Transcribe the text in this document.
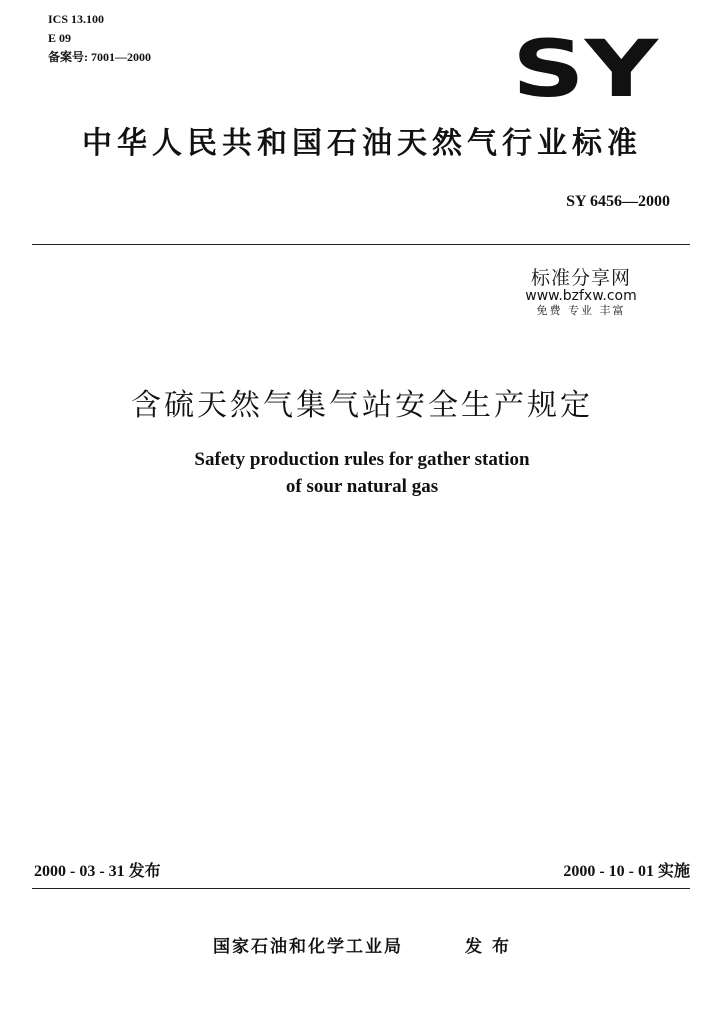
ICS 13.100
E 09
备案号: 7001—2000	SY
中华人民共和国石油天然气行业标准
SY 6456—2000
标准分享网
www.bzfxw.com
免费 专业 丰富
含硫天然气集气站安全生产规定
Safety production rules for gather station
of sour natural gas
2000 - 03 - 31 发布	2000 - 10 - 01 实施
国家石油和化学工业局	发布
